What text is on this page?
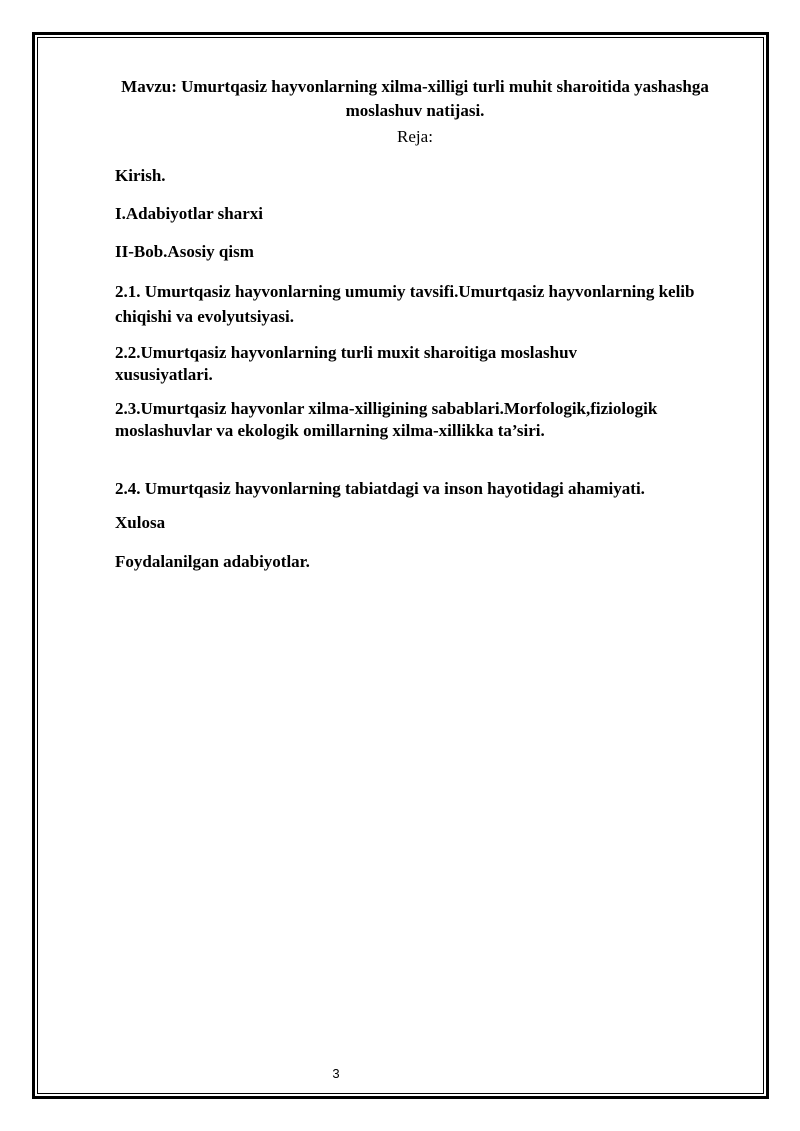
Mavzu: Umurtqasiz hayvonlarning xilma-xilligi turli muhit sharoitida yashashga moslashuv natijasi.
Reja:
Kirish.
I.Adabiyotlar sharxi
II-Bob.Asosiy qism
2.1. Umurtqasiz hayvonlarning umumiy tavsifi.Umurtqasiz hayvonlarning kelib chiqishi va evolyutsiyasi.
2.2.Umurtqasiz hayvonlarning turli muxit sharoitiga moslashuv xususiyatlari.
2.3.Umurtqasiz hayvonlar xilma-xilligining sabablari.Morfologik,fiziologik moslashuvlar va ekologik omillarning xilma-xillikka ta’siri.
2.4. Umurtqasiz hayvonlarning tabiatdagi va inson hayotidagi ahamiyati.
Xulosa
Foydalanilgan adabiyotlar.
3
